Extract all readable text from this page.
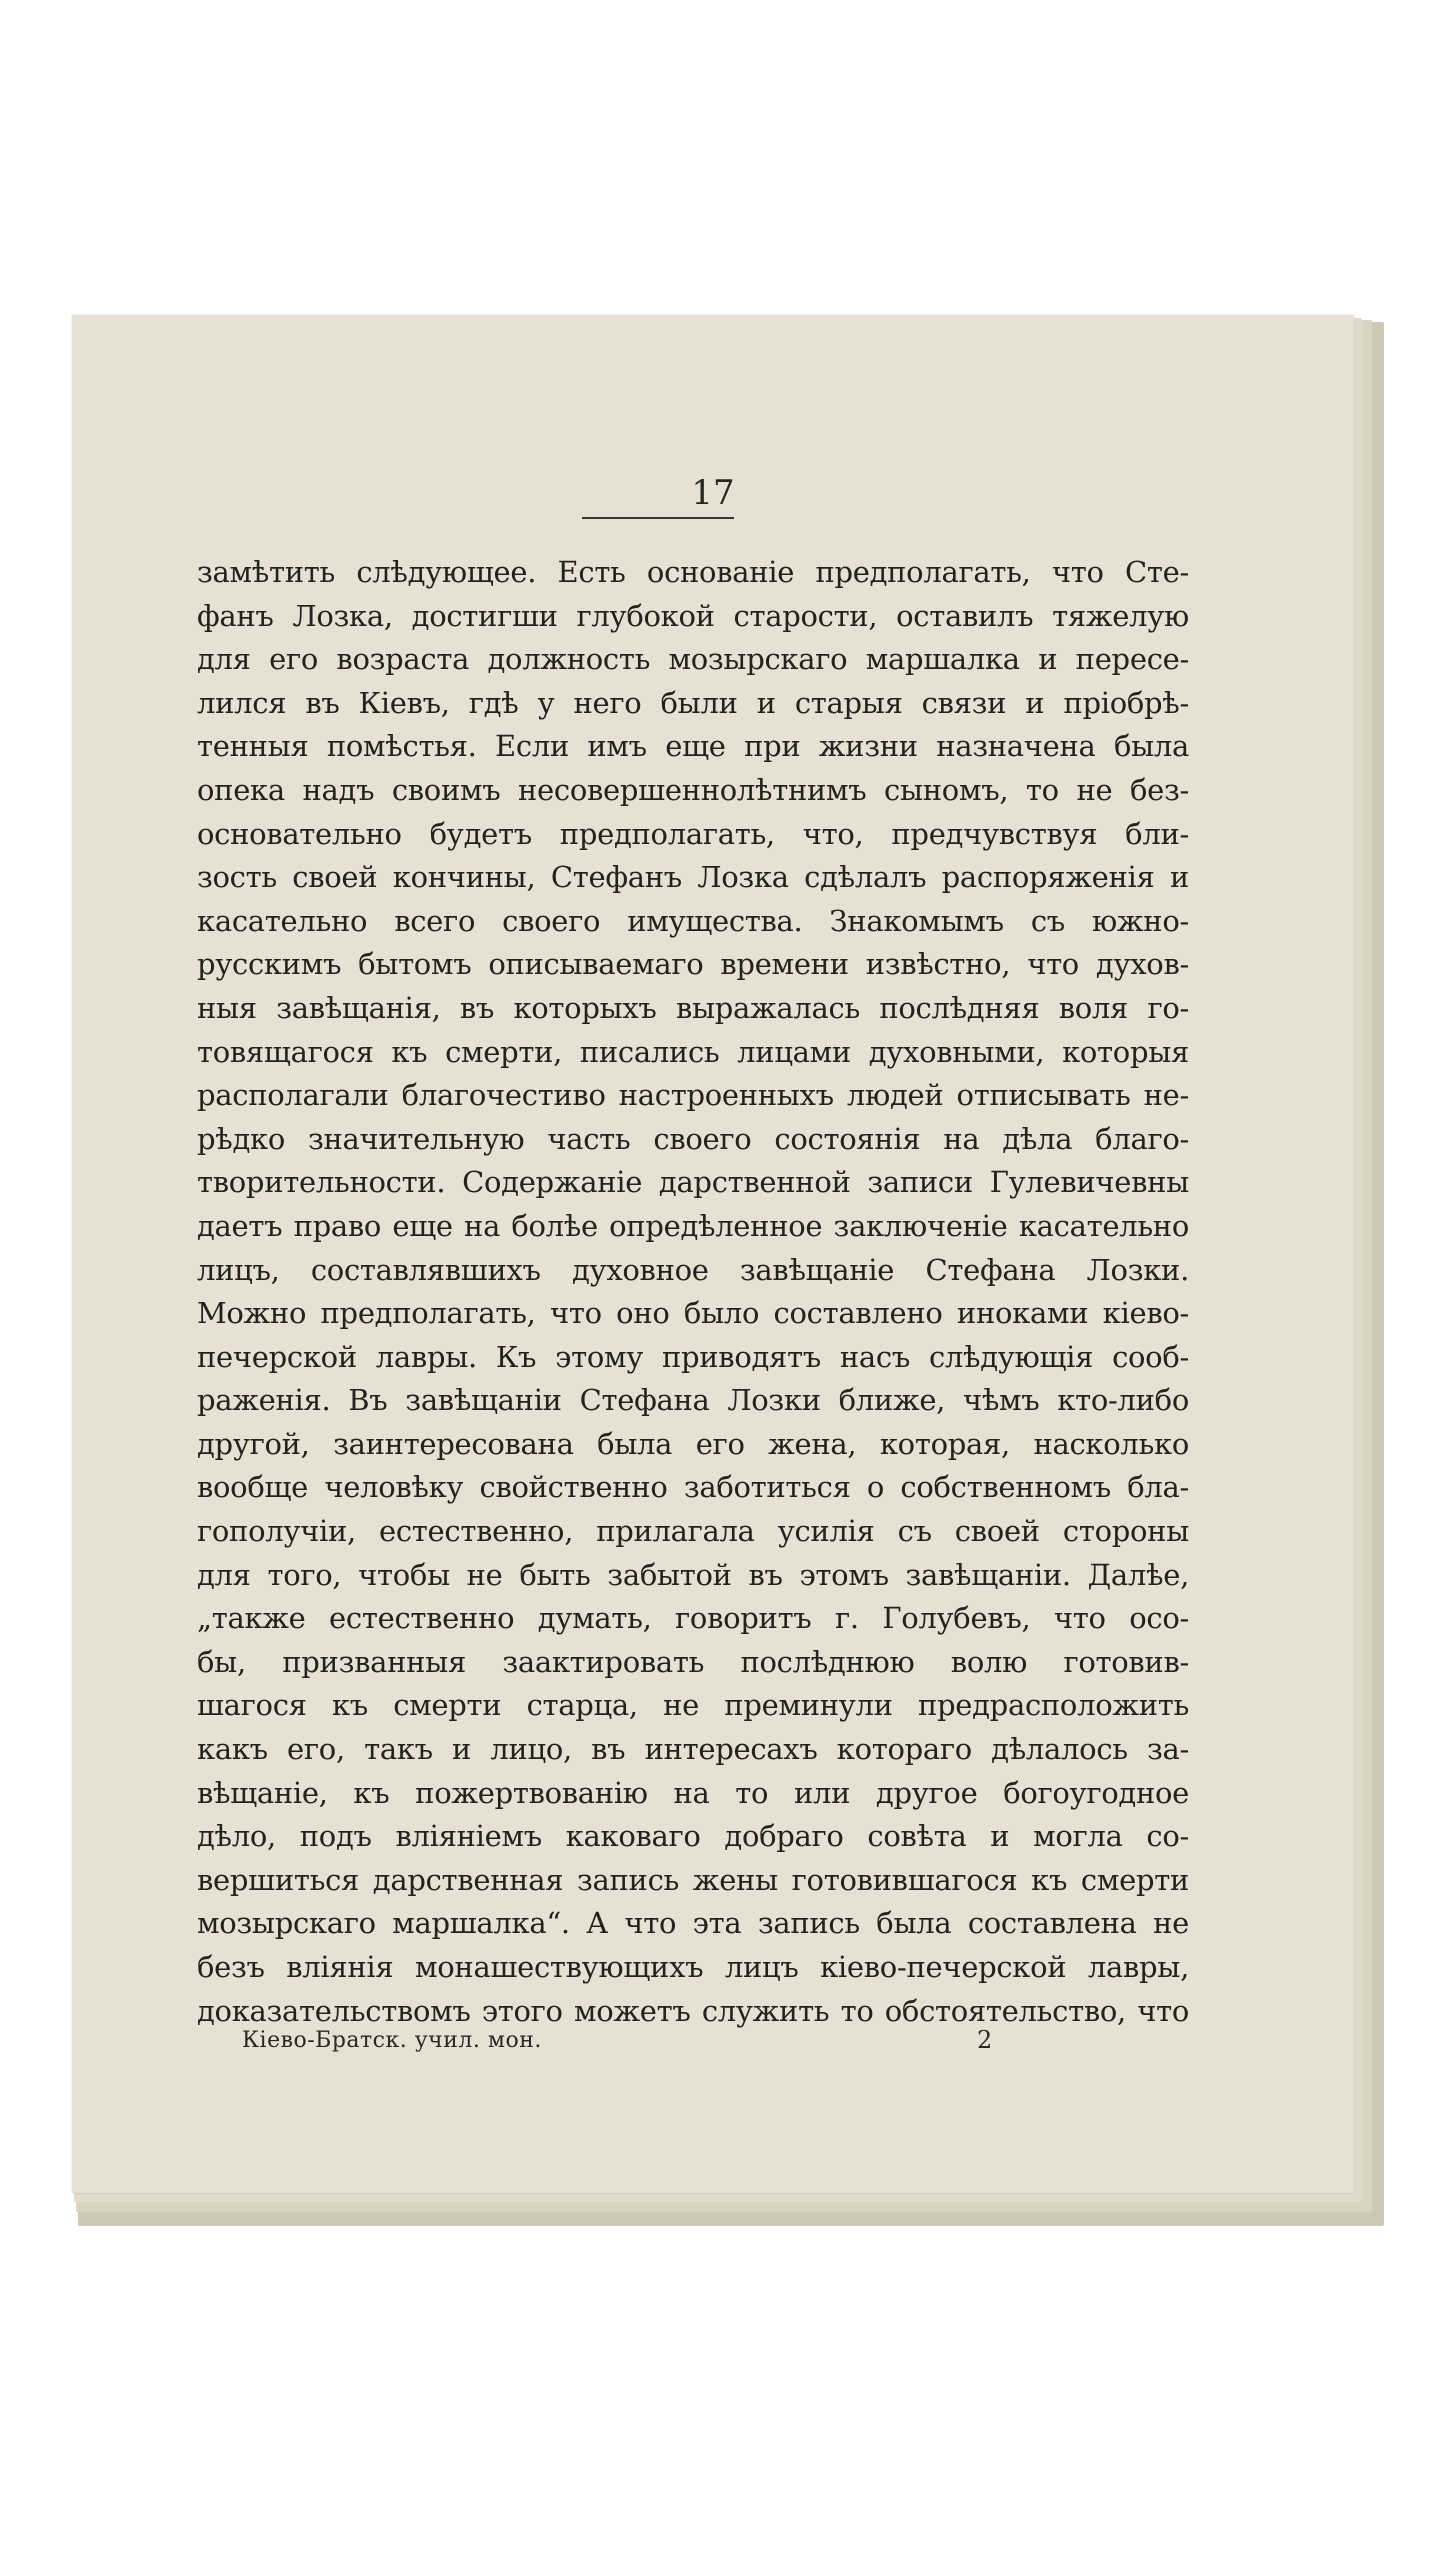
17
замѣтить слѣдующее. Есть основаніе предполагать, что Сте-
фанъ Лозка, достигши глубокой старости, оставилъ тяжелую
для его возраста должность мозырскаго маршалка и пересе-
лился въ Кіевъ, гдѣ у него были и старыя связи и пріобрѣ-
тенныя помѣстья. Если имъ еще при жизни назначена была
опека надъ своимъ несовершеннолѣтнимъ сыномъ, то не без-
основательно будетъ предполагать, что, предчувствуя бли-
зость своей кончины, Стефанъ Лозка сдѣлалъ распоряженія и
касательно всего своего имущества. Знакомымъ съ южно-
русскимъ бытомъ описываемаго времени извѣстно, что духов-
ныя завѣщанія, въ которыхъ выражалась послѣдняя воля го-
товящагося къ смерти, писались лицами духовными, которыя
располагали благочестиво настроенныхъ людей отписывать не-
рѣдко значительную часть своего состоянія на дѣла благо-
творительности. Содержаніе дарственной записи Гулевичевны
даетъ право еще на болѣе опредѣленное заключеніе касательно
лицъ, составлявшихъ духовное завѣщаніе Стефана Лозки.
Можно предполагать, что оно было составлено иноками кіево-
печерской лавры. Къ этому приводятъ насъ слѣдующія сооб-
раженія. Въ завѣщаніи Стефана Лозки ближе, чѣмъ кто-либо
другой, заинтересована была его жена, которая, насколько
вообще человѣку свойственно заботиться о собственномъ бла-
гополучіи, естественно, прилагала усилія съ своей стороны
для того, чтобы не быть забытой въ этомъ завѣщаніи. Далѣе,
„также естественно думать, говоритъ г. Голубевъ, что осо-
бы, призванныя заактировать послѣднюю волю готовив-
шагося къ смерти старца, не преминули предрасположить
какъ его, такъ и лицо, въ интересахъ котораго дѣлалось за-
вѣщаніе, къ пожертвованію на то или другое богоугодное
дѣло, подъ вліяніемъ каковаго добраго совѣта и могла со-
вершиться дарственная запись жены готовившагося къ смерти
мозырскаго маршалка“. А что эта запись была составлена не
безъ вліянія монашествующихъ лицъ кіево-печерской лавры,
доказательствомъ этого можетъ служить то обстоятельство, что
Кіево-Братск. учил. мон.	2
